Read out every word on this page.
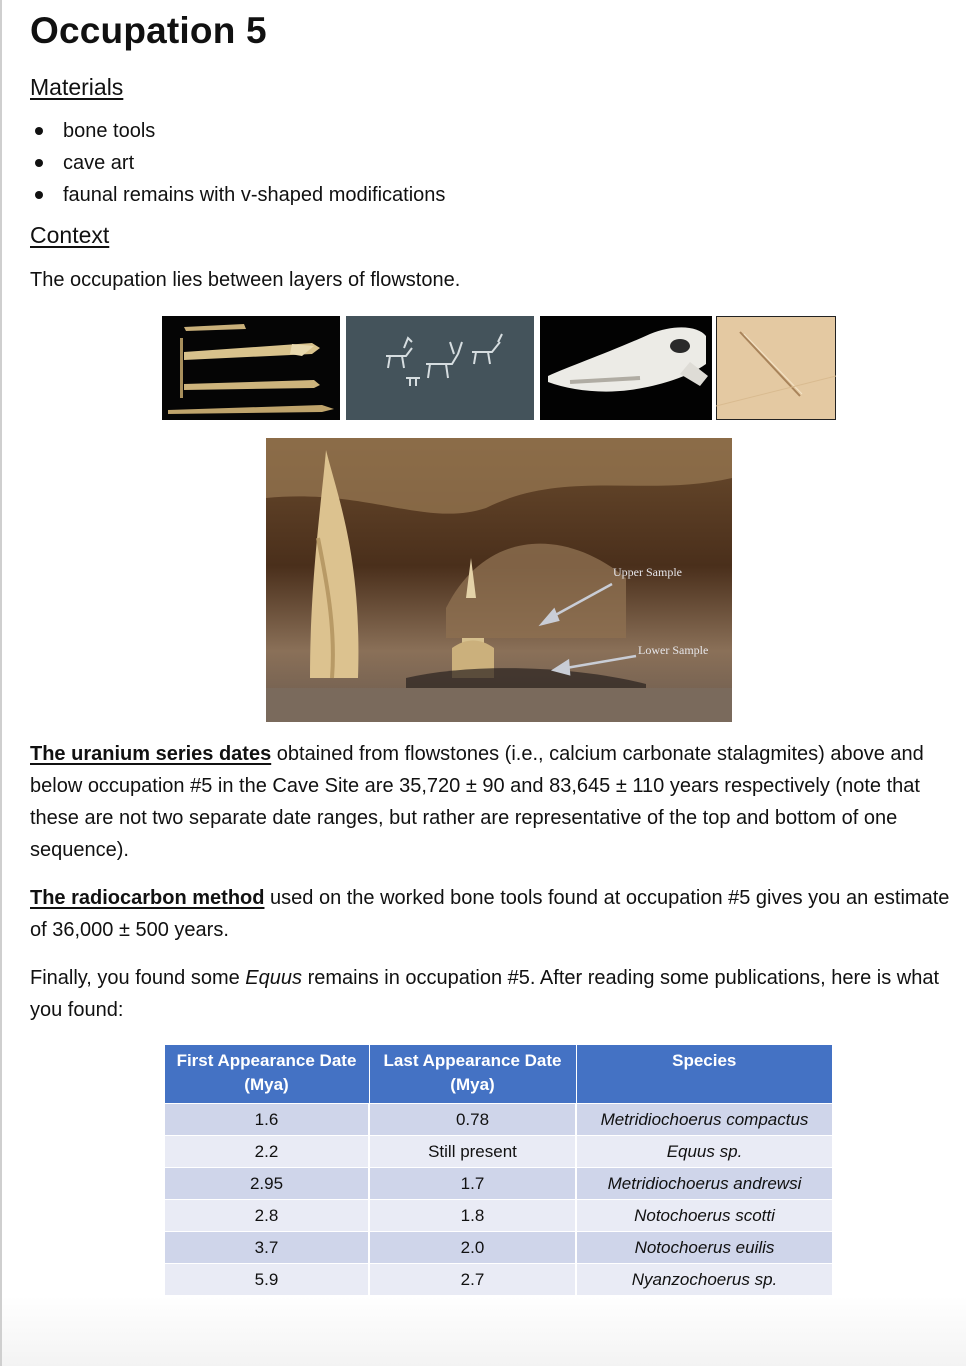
Occupation 5
Materials
bone tools
cave art
faunal remains with v-shaped modifications
Context

The occupation lies between layers of flowstone.

Upper Sample
Lower Sample

The uranium series dates obtained from flowstones (i.e., calcium carbonate stalagmites) above and below occupation #5 in the Cave Site are 35,720 ± 90 and 83,645 ± 110 years respectively (note that these are not two separate date ranges, but rather are representative of the top and bottom of one sequence).

The radiocarbon method used on the worked bone tools found at occupation #5 gives you an estimate of 36,000 ± 500 years.

Finally, you found some Equus remains in occupation #5. After reading some publications, here is what you found:

First Appearance Date (Mya)	Last Appearance Date (Mya)	Species
1.6	0.78	Metridiochoerus compactus
2.2	Still present	Equus sp.
2.95	1.7	Metridiochoerus andrewsi
2.8	1.8	Notochoerus scotti
3.7	2.0	Notochoerus euilis
5.9	2.7	Nyanzochoerus sp.
